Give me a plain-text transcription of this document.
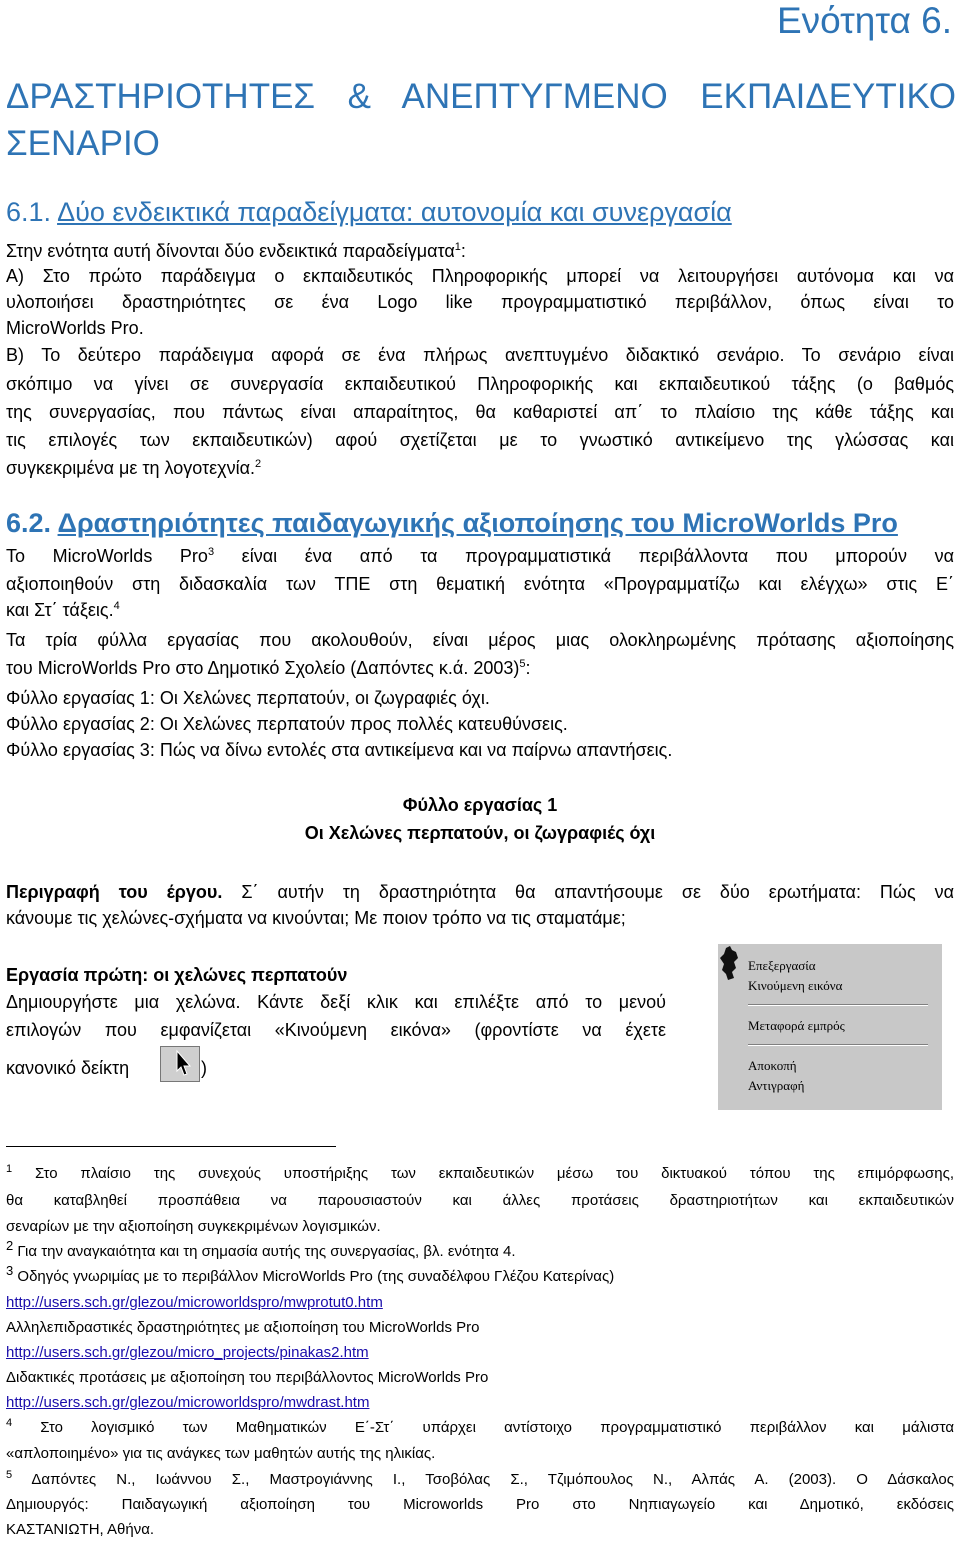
Ενότητα 6.
ΔΡΑΣΤΗΡΙΟΤΗΤΕΣ & ΑΝΕΠΤΥΓΜΕΝΟ ΕΚΠΑΙΔΕΥΤΙΚΟ
ΣΕΝΑΡΙΟ
6.1. Δύο ενδεικτικά παραδείγματα: αυτονομία και συνεργασία
Στην ενότητα αυτή δίνονται δύο ενδεικτικά παραδείγματα$^1$:
Α) Στο πρώτο παράδειγμα ο εκπαιδευτικός Πληροφορικής μπορεί να λειτουργήσει αυτόνομα και να
υλοποιήσει δραστηριότητες σε ένα Logo like προγραμματιστικό περιβάλλον, όπως είναι το
MicroWorlds Pro.
Β) Το δεύτερο παράδειγμα αφορά σε ένα πλήρως ανεπτυγμένο διδακτικό σενάριο. Το σενάριο είναι
σκόπιμο να γίνει σε συνεργασία εκπαιδευτικού Πληροφορικής και εκπαιδευτικού τάξης (ο βαθμός
της συνεργασίας, που πάντως είναι απαραίτητος, θα καθαριστεί απ΄ το πλαίσιο της κάθε τάξης και
τις επιλογές των εκπαιδευτικών) αφού σχετίζεται με το γνωστικό αντικείμενο της γλώσσας και
συγκεκριμένα με τη λογοτεχνία.$^2$
6.2. Δραστηριότητες παιδαγωγικής αξιοποίησης του MicroWorlds Pro
Το MicroWorlds Pro$^3$ είναι ένα από τα προγραμματιστικά περιβάλλοντα που μπορούν να
αξιοποιηθούν στη διδασκαλία των ΤΠΕ στη θεματική ενότητα «Προγραμματίζω και ελέγχω» στις Ε΄
και Στ΄ τάξεις.$^4$
Τα τρία φύλλα εργασίας που ακολουθούν, είναι μέρος μιας ολοκληρωμένης πρότασης αξιοποίησης
του MicroWorlds Pro στο Δημοτικό Σχολείο (Δαπόντες κ.ά. 2003)$^5$:
Φύλλο εργασίας 1: Οι Χελώνες περπατούν, οι ζωγραφιές όχι.
Φύλλο εργασίας 2: Οι Χελώνες περπατούν προς πολλές κατευθύνσεις.
Φύλλο εργασίας 3: Πώς να δίνω εντολές στα αντικείμενα και να παίρνω απαντήσεις.
Φύλλο εργασίας 1
Οι Χελώνες περπατούν, οι ζωγραφιές όχι
Περιγραφή του έργου. Σ΄ αυτήν τη δραστηριότητα θα απαντήσουμε σε δύο ερωτήματα: Πώς να
κάνουμε τις χελώνες-σχήματα να κινούνται; Με ποιον τρόπο να τις σταματάμε;
Εργασία πρώτη: οι χελώνες περπατούν
Δημιουργήστε μια χελώνα. Κάντε δεξί κλικ και επιλέξτε από το μενού
επιλογών που εμφανίζεται «Κινούμενη εικόνα» (φροντίστε να έχετε
κανονικό δείκτη	)
Επεξεργασία
Κινούμενη εικόνα
Μεταφορά εμπρός
Αποκοπή
Αντιγραφή
$^1$ Στο πλαίσιο της συνεχούς υποστήριξης των εκπαιδευτικών μέσω του δικτυακού τόπου της επιμόρφωσης,
θα καταβληθεί προσπάθεια να παρουσιαστούν και άλλες προτάσεις δραστηριοτήτων και εκπαιδευτικών
σεναρίων με την αξιοποίηση συγκεκριμένων λογισμικών.
$^2$ Για την αναγκαιότητα και τη σημασία αυτής της συνεργασίας, βλ. ενότητα 4.
$^3$ Οδηγός γνωριμίας με το περιβάλλον MicroWorlds Pro (της συναδέλφου Γλέζου Κατερίνας)
http://users.sch.gr/glezou/microworldspro/mwprotut0.htm
Αλληλεπιδραστικές δραστηριότητες με αξιοποίηση του MicroWorlds Pro
http://users.sch.gr/glezou/micro_projects/pinakas2.htm
Διδακτικές προτάσεις με αξιοποίηση του περιβάλλοντος MicroWorlds Pro
http://users.sch.gr/glezou/microworldspro/mwdrast.htm
$^4$ Στο λογισμικό των Μαθηματικών Ε΄-Στ΄ υπάρχει αντίστοιχο προγραμματιστικό περιβάλλον και μάλιστα
«απλοποιημένο» για τις ανάγκες των μαθητών αυτής της ηλικίας.
$^5$ Δαπόντες Ν., Ιωάννου Σ., Μαστρογιάννης Ι., Τσοβόλας Σ., Τζιμόπουλος Ν., Αλπάς Α. (2003). Ο Δάσκαλος
Δημιουργός: Παιδαγωγική αξιοποίηση του Microworlds Pro στο Νηπιαγωγείο και Δημοτικό, εκδόσεις
ΚΑΣΤΑΝΙΩΤΗ, Αθήνα.
